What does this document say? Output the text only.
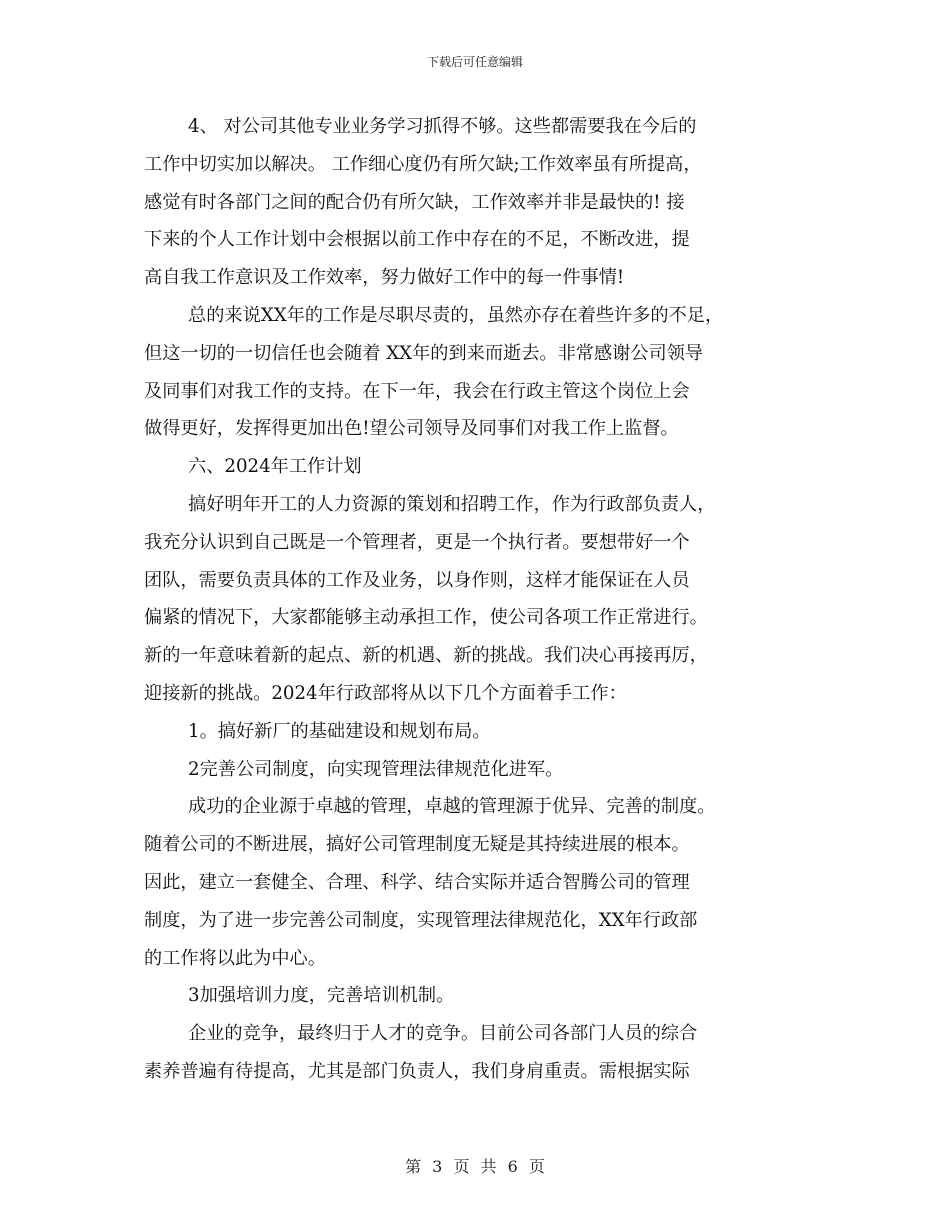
下载后可任意编辑
4、 对公司其他专业业务学习抓得不够。这些都需要我在今后的
工作中切实加以解决。 工作细心度仍有所欠缺;工作效率虽有所提高，
感觉有时各部门之间的配合仍有所欠缺，工作效率并非是最快的! 接
下来的个人工作计划中会根据以前工作中存在的不足，不断改进，提
高自我工作意识及工作效率，努力做好工作中的每一件事情!
总的来说XX年的工作是尽职尽责的，虽然亦存在着些许多的不足，
但这一切的一切信任也会随着 XX年的到来而逝去。非常感谢公司领导
及同事们对我工作的支持。在下一年，我会在行政主管这个岗位上会
做得更好，发挥得更加出色!望公司领导及同事们对我工作上监督。
六、2024年工作计划
搞好明年开工的人力资源的策划和招聘工作，作为行政部负责人，
我充分认识到自己既是一个管理者，更是一个执行者。要想带好一个
团队，需要负责具体的工作及业务，以身作则，这样才能保证在人员
偏紧的情况下，大家都能够主动承担工作，使公司各项工作正常进行。
新的一年意味着新的起点、新的机遇、新的挑战。我们决心再接再厉，
迎接新的挑战。2024年行政部将从以下几个方面着手工作：
1。搞好新厂的基础建设和规划布局。
2完善公司制度，向实现管理法律规范化进军。
成功的企业源于卓越的管理，卓越的管理源于优异、完善的制度。
随着公司的不断进展，搞好公司管理制度无疑是其持续进展的根本。
因此，建立一套健全、合理、科学、结合实际并适合智腾公司的管理
制度，为了进一步完善公司制度，实现管理法律规范化，XX年行政部
的工作将以此为中心。
3加强培训力度，完善培训机制。
企业的竞争，最终归于人才的竞争。目前公司各部门人员的综合
素养普遍有待提高，尤其是部门负责人，我们身肩重责。需根据实际
第 3 页 共 6 页
